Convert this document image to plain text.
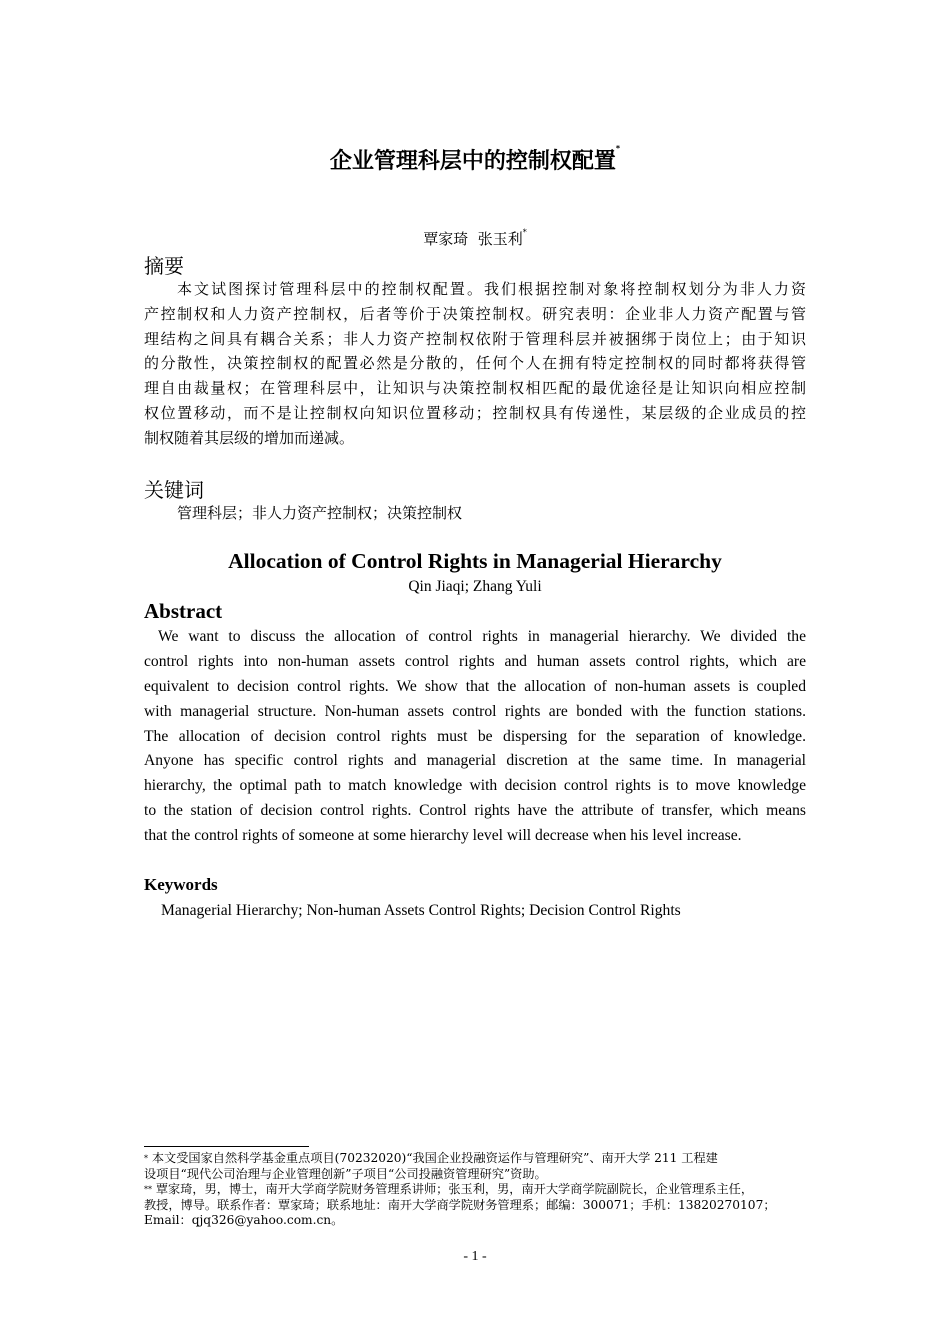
企业管理科层中的控制权配置*
覃家琦  张玉利*
摘要
本文试图探讨管理科层中的控制权配置。我们根据控制对象将控制权划分为非人力资
产控制权和人力资产控制权，后者等价于决策控制权。研究表明：企业非人力资产配置与管
理结构之间具有耦合关系；非人力资产控制权依附于管理科层并被捆绑于岗位上；由于知识
的分散性，决策控制权的配置必然是分散的，任何个人在拥有特定控制权的同时都将获得管
理自由裁量权；在管理科层中，让知识与决策控制权相匹配的最优途径是让知识向相应控制
权位置移动，而不是让控制权向知识位置移动；控制权具有传递性，某层级的企业成员的控
制权随着其层级的增加而递减。
关键词
管理科层；非人力资产控制权；决策控制权
Allocation of Control Rights in Managerial Hierarchy
Qin Jiaqi; Zhang Yuli
Abstract
We want to discuss the allocation of control rights in managerial hierarchy. We divided the
control rights into non-human assets control rights and human assets control rights, which are
equivalent to decision control rights. We show that the allocation of non-human assets is coupled
with managerial structure. Non-human assets control rights are bonded with the function stations.
The allocation of decision control rights must be dispersing for the separation of knowledge.
Anyone has specific control rights and managerial discretion at the same time. In managerial
hierarchy, the optimal path to match knowledge with decision control rights is to move knowledge
to the station of decision control rights. Control rights have the attribute of transfer, which means
that the control rights of someone at some hierarchy level will decrease when his level increase.
Keywords
Managerial Hierarchy; Non-human Assets Control Rights; Decision Control Rights
* 本文受国家自然科学基金重点项目(70232020)“我国企业投融资运作与管理研究”、南开大学 211 工程建
设项目“现代公司治理与企业管理创新”子项目“公司投融资管理研究”资助。
** 覃家琦，男，博士，南开大学商学院财务管理系讲师；张玉利，男，南开大学商学院副院长，企业管理系主任，
教授，博导。联系作者：覃家琦；联系地址：南开大学商学院财务管理系；邮编：300071；手机：13820270107；
Email：qjq326@yahoo.com.cn。
- 1 -
